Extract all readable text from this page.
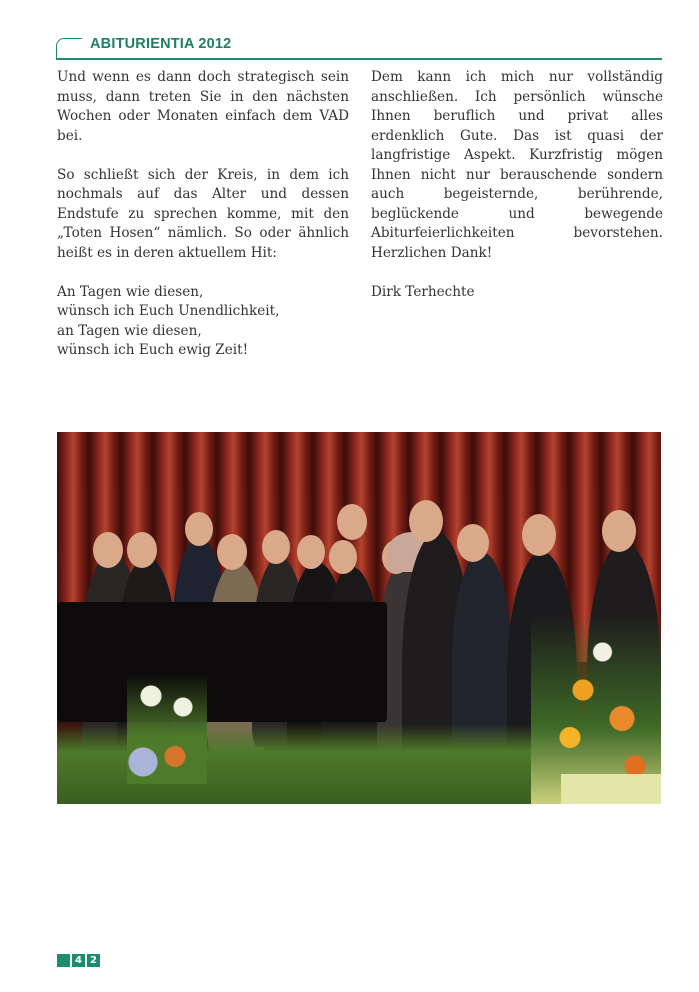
ABITURIENTIA 2012

Und wenn es dann doch strategisch sein muss, dann treten Sie in den nächsten Wochen oder Monaten einfach dem VAD bei.

So schließt sich der Kreis, in dem ich nochmals auf das Alter und dessen Endstufe zu sprechen komme, mit den „Toten Hosen“ nämlich. So oder ähnlich heißt es in deren aktuellem Hit:

An Tagen wie diesen,
wünsch ich Euch Unendlichkeit,
an Tagen wie diesen,
wünsch ich Euch ewig Zeit!

Dem kann ich mich nur vollständig anschließen. Ich persönlich wünsche Ihnen beruflich und privat alles erdenklich Gute. Das ist quasi der langfristige Aspekt. Kurzfristig mögen Ihnen nicht nur berauschende sondern auch begeisternde, berührende, beglückende und bewegende Abiturfeierlichkeiten bevorstehen. Herzlichen Dank!

Dirk Terhechte

4 2
